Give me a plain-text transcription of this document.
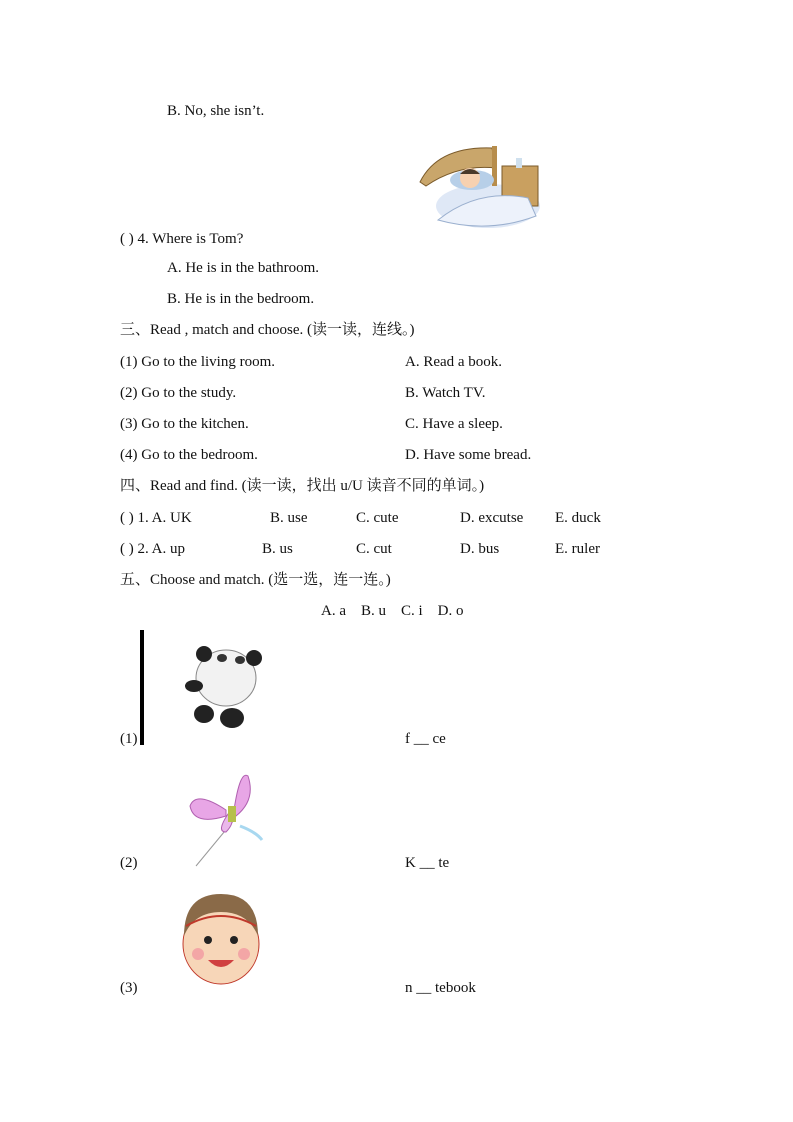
B. No, she isn’t.
( ) 4. Where is Tom?
A. He is in the bathroom.
B. He is in the bedroom.
三、Read , match and choose. (读一读，连线。)
(1) Go to the living room.	A. Read a book.
(2) Go to the study.	B. Watch TV.
(3) Go to the kitchen.	C. Have a sleep.
(4) Go to the bedroom.	D. Have some bread.
四、Read and find. (读一读，找出 u/U 读音不同的单词。)
( ) 1. A. UK	B. use	C. cute	D. excutse E. duck
( ) 2. A. up	B. us	C. cut	D. bus	E. ruler
五、Choose and match. (选一选，连一连。)
A. a    B. u    C. i    D. o
(1)	f __ ce
(2)	K __ te
(3)	n __ tebook
